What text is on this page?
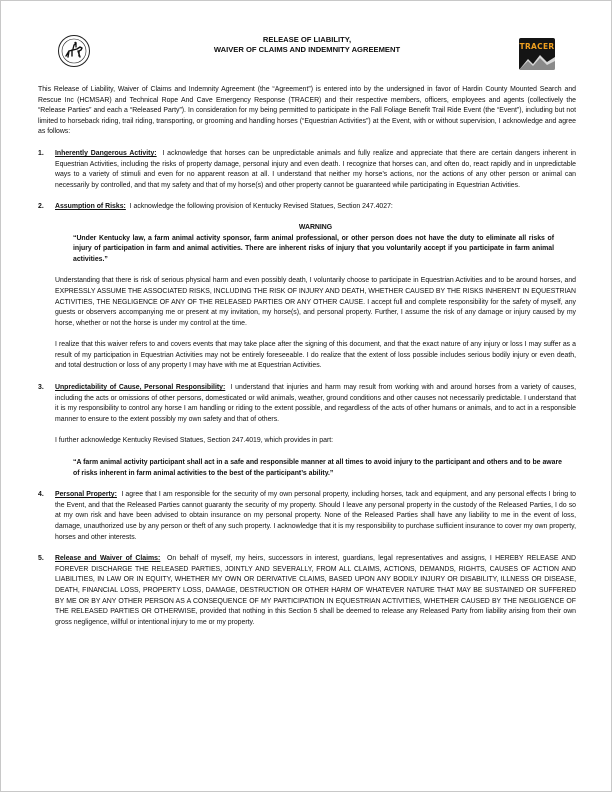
RELEASE OF LIABILITY,
WAIVER OF CLAIMS AND INDEMNITY AGREEMENT	TRACER

This Release of Liability, Waiver of Claims and Indemnity Agreement (the “Agreement”) is entered into by the undersigned in favor of Hardin County Mounted Search and Rescue Inc (HCMSAR) and Technical Rope And Cave Emergency Response (TRACER) and their respective members, officers, employees and agents (collectively the “Release Parties” and each a “Released Party”). In consideration for my being permitted to participate in the Fall Foliage Benefit Trail Ride Event (the “Event”), including but not limited to horseback riding, trail riding, transporting, or grooming and handling horses (“Equestrian Activities”) at the Event, with or without supervision, I acknowledge and agree as follows:

1. Inherently Dangerous Activity: I acknowledge that horses can be unpredictable animals and fully realize and appreciate that there are certain dangers inherent in Equestrian Activities, including the risks of property damage, personal injury and even death. I recognize that horses can, and often do, react rapidly and in unpredictable ways to a variety of stimuli and even for no apparent reason at all. I understand that neither my horse’s actions, nor the actions of any other person or animal can necessarily by controlled, and that my safety and that of my horse(s) and other property cannot be guaranteed while participating in Equestrian Activities.

2. Assumption of Risks: I acknowledge the following provision of Kentucky Revised Statues, Section 247.4027:

WARNING

“Under Kentucky law, a farm animal activity sponsor, farm animal professional, or other person does not have the duty to eliminate all risks of injury of participation in farm and animal activities. There are inherent risks of injury that you voluntarily accept if you participate in farm animal activities.”

Understanding that there is risk of serious physical harm and even possibly death, I voluntarily choose to participate in Equestrian Activities and to be around horses, and EXPRESSLY ASSUME THE ASSOCIATED RISKS, INCLUDING THE RISK OF INJURY AND DEATH, WHETHER CAUSED BY THE RISKS INHERENT IN EQUESTRIAN ACTIVITIES, THE NEGLIGENCE OF ANY OF THE RELEASED PARTIES OR ANY OTHER CAUSE. I accept full and complete responsibility for the safety of myself, any guests or observers accompanying me or present at my invitation, my horse(s), and personal property. Further, I assume the risk of any damage or injury caused by my horse, whether or not the horse is under my control at the time.

I realize that this waiver refers to and covers events that may take place after the signing of this document, and that the exact nature of any injury or loss I may suffer as a result of my participation in Equestrian Activities may not be entirely foreseeable. I do realize that the extent of loss possible includes serious bodily injury or even death, and total destruction or loss of any property I may have with me at Equestrian Activities.

3. Unpredictability of Cause, Personal Responsibility: I understand that injuries and harm may result from working with and around horses from a variety of causes, including the acts or omissions of other persons, domesticated or wild animals, weather, ground conditions and other causes not necessarily predictable. I understand that it is my responsibility to control any horse I am handling or riding to the extent possible, and regardless of the acts of other humans or animals, and to act in a responsible manner to ensure to the extent possibly my own safety and that of others.

I further acknowledge Kentucky Revised Statues, Section 247.4019, which provides in part:

“A farm animal activity participant shall act in a safe and responsible manner at all times to avoid injury to the participant and others and to be aware of risks inherent in farm animal activities to the best of the participant’s ability.”

4. Personal Property: I agree that I am responsible for the security of my own personal property, including horses, tack and equipment, and any personal effects I bring to the Event, and that the Released Parties cannot guaranty the security of my property. Should I leave any personal property in the custody of the Released Parties, I do so at my own risk and have been advised to obtain insurance on my personal property. None of the Released Parties shall have any liability to me in the event of loss, damage, unauthorized use by any person or theft of any such property. I acknowledge that it is my responsibility to purchase sufficient insurance to cover my own property, horses and other interests.

5. Release and Waiver of Claims: On behalf of myself, my heirs, successors in interest, guardians, legal representatives and assigns, I HEREBY RELEASE AND FOREVER DISCHARGE THE RELEASED PARTIES, JOINTLY AND SEVERALLY, FROM ALL CLAIMS, ACTIONS, DEMANDS, RIGHTS, CAUSES OF ACTION AND LIABILITIES, IN LAW OR IN EQUITY, WHETHER MY OWN OR DERIVATIVE CLAIMS, BASED UPON ANY BODILY INJURY OR DISABILITY, ILLNESS OR DISEASE, DEATH, FINANCIAL LOSS, PROPERTY LOSS, DAMAGE, DESTRUCTION OR OTHER HARM OF WHATEVER NATURE THAT MAY BE SUSTAINED OR SUFFERED BY ME OR BY ANY OTHER PERSON AS A CONSEQUENCE OF MY PARTICIPATION IN EQUESTRIAN ACTIVITIES, WHETHER CAUSED BY THE NEGLIGENCE OF THE RELEASED PARTIES OR OTHERWISE, provided that nothing in this Section 5 shall be deemed to release any Released Party from liability arising from their own gross negligence, willful or intentional injury to me or my property.
